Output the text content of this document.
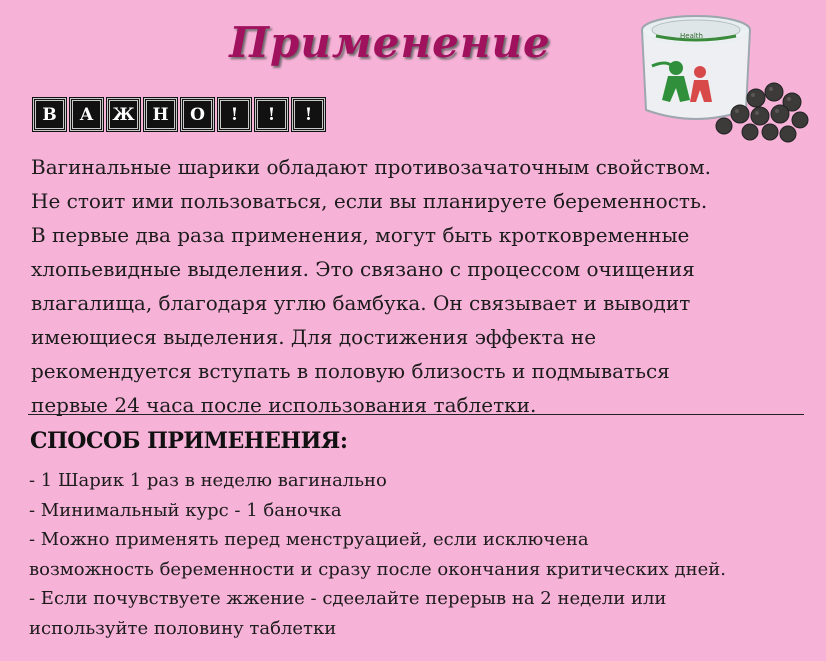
Применение	Health
В	А	Ж	Н	О	!	!	!

Вагинальные шарики обладают противозачаточным свойством.
Не стоит ими пользоваться, если вы планируете беременность.
В первые два раза применения, могут быть кротковременные
хлопьевидные выделения. Это связано с процессом очищения
влагалища, благодаря углю бамбука. Он связывает и выводит
имеющиеся выделения. Для достижения эффекта не
рекомендуется вступать в половую близость и подмываться
первые 24 часа после использования таблетки.

СПОСОБ ПРИМЕНЕНИЯ:
- 1 Шарик 1 раз в неделю вагинально
- Минимальный курс - 1 баночка
- Можно применять перед менструацией, если исключена
возможность беременности и сразу после окончания критических дней.
- Если почувствуете жжение - сдеелайте перерыв на 2 недели или
используйте половину таблетки
